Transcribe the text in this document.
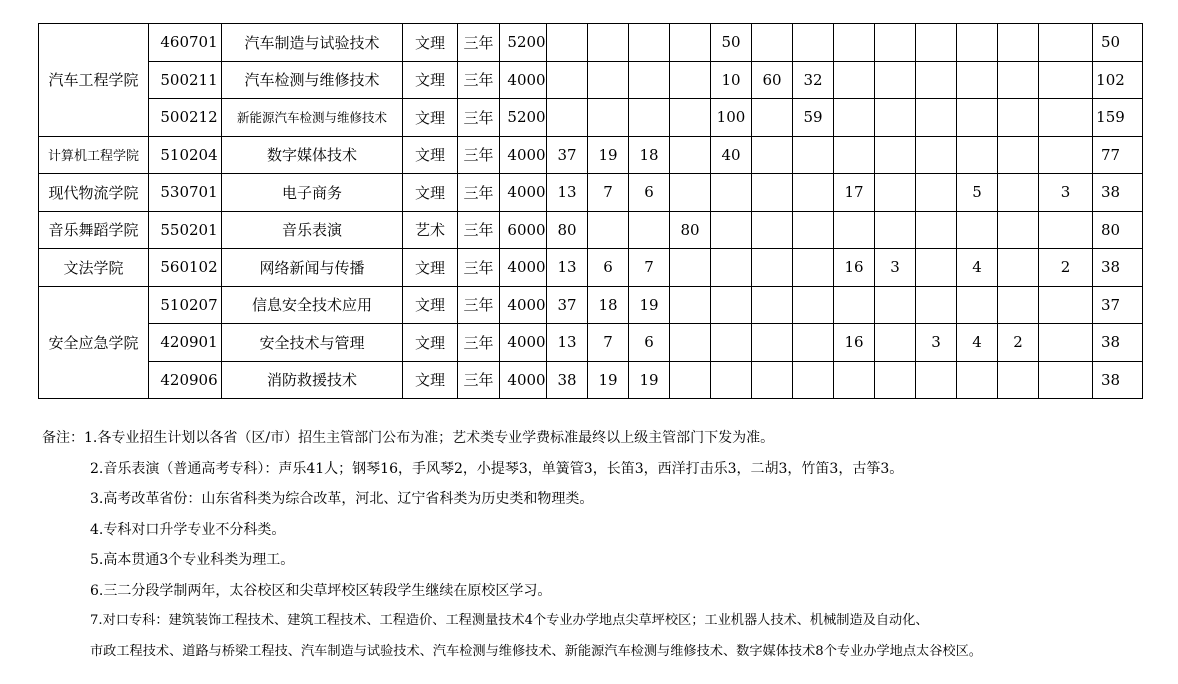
汽车工程学院	460701	汽车制造与试验技术	文理	三年	5200					50									50
	500211	汽车检测与维修技术	文理	三年	4000					10	60	32							102
	500212	新能源汽车检测与维修技术	文理	三年	5200					100		59							159
计算机工程学院	510204	数字媒体技术	文理	三年	4000	37	19	18		40									77
现代物流学院	530701	电子商务	文理	三年	4000	13	7	6					17			5		3	38
音乐舞蹈学院	550201	音乐表演	艺术	三年	6000	80			80										80
文法学院	560102	网络新闻与传播	文理	三年	4000	13	6	7					16	3		4		2	38
安全应急学院	510207	信息安全技术应用	文理	三年	4000	37	18	19											37
	420901	安全技术与管理	文理	三年	4000	13	7	6					16		3	4	2		38
	420906	消防救援技术	文理	三年	4000	38	19	19											38
备注：1.各专业招生计划以各省（区/市）招生主管部门公布为准；艺术类专业学费标准最终以上级主管部门下发为准。
2.音乐表演（普通高考专科）：声乐41人；钢琴16，手风琴2，小提琴3，单簧管3，长笛3，西洋打击乐3，二胡3，竹笛3，古筝3。
3.高考改革省份：山东省科类为综合改革，河北、辽宁省科类为历史类和物理类。
4.专科对口升学专业不分科类。
5.高本贯通3个专业科类为理工。
6.三二分段学制两年，太谷校区和尖草坪校区转段学生继续在原校区学习。
7.对口专科：建筑装饰工程技术、建筑工程技术、工程造价、工程测量技术4个专业办学地点尖草坪校区；工业机器人技术、机械制造及自动化、
市政工程技术、道路与桥梁工程技、汽车制造与试验技术、汽车检测与维修技术、新能源汽车检测与维修技术、数字媒体技术8个专业办学地点太谷校区。
